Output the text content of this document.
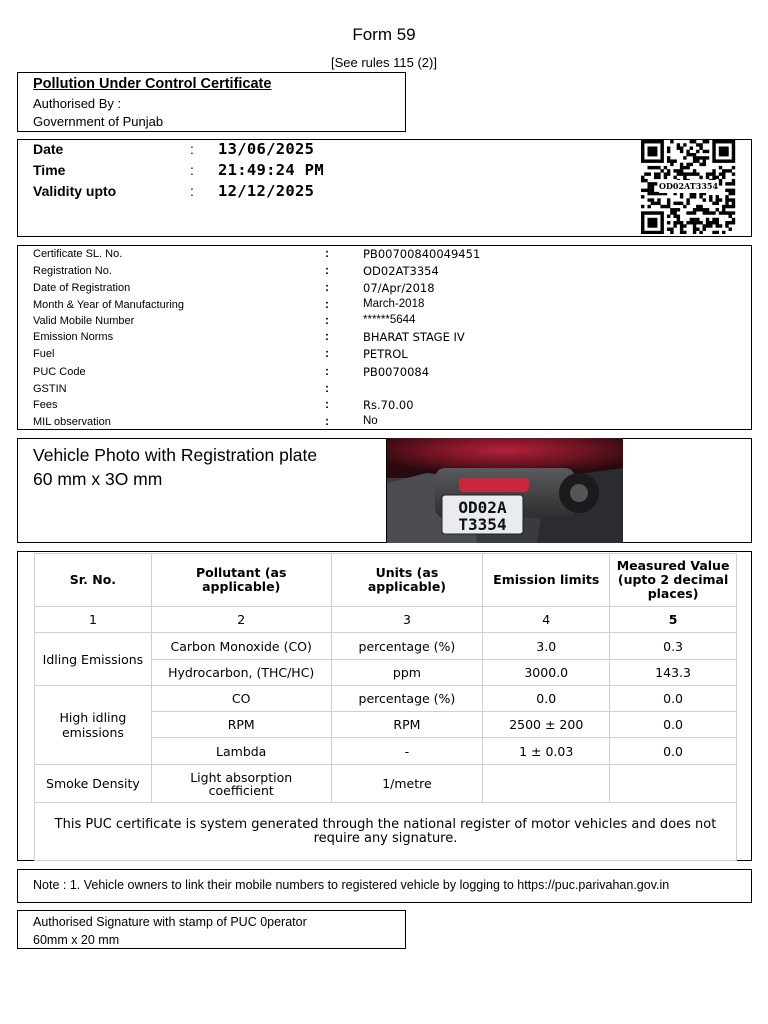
Form 59
[See rules 115 (2)]
Pollution Under Control Certificate
Authorised By :
Government of Punjab
Date	: 13/06/2025
Time	: 21:49:24 PM
Validity upto	: 12/12/2025	OD02AT3354
Certificate SL. No.	:	PB00700840049451
Registration No.	:	OD02AT3354
Date of Registration	:	07/Apr/2018
Month & Year of Manufacturing	:	March-2018
Valid Mobile Number	:	******5644
Emission Norms	:	BHARAT STAGE IV
Fuel	:	PETROL
PUC Code	:	PB0070084
GSTIN	:
Fees	:	Rs.70.00
MIL observation	:	No
Vehicle Photo with Registration plate
60 mm x 3O mm
OD02A
T3354
Sr. No.	Pollutant (as applicable)	Units (as applicable)	Emission limits	Measured Value (upto 2 decimal places)
1	2	3	4	5
Idling Emissions	Carbon Monoxide (CO)	percentage (%)	3.0	0.3
	Hydrocarbon, (THC/HC)	ppm	3000.0	143.3
High idling emissions	CO	percentage (%)	0.0	0.0
	RPM	RPM	2500 ± 200	0.0
	Lambda	-	1 ± 0.03	0.0
Smoke Density	Light absorption coefficient	1/metre		
This PUC certificate is system generated through the national register of motor vehicles and does not require any signature.				
Note : 1. Vehicle owners to link their mobile numbers to registered vehicle by logging to https://puc.parivahan.gov.in
Authorised Signature with stamp of PUC 0perator
60mm x 20 mm
